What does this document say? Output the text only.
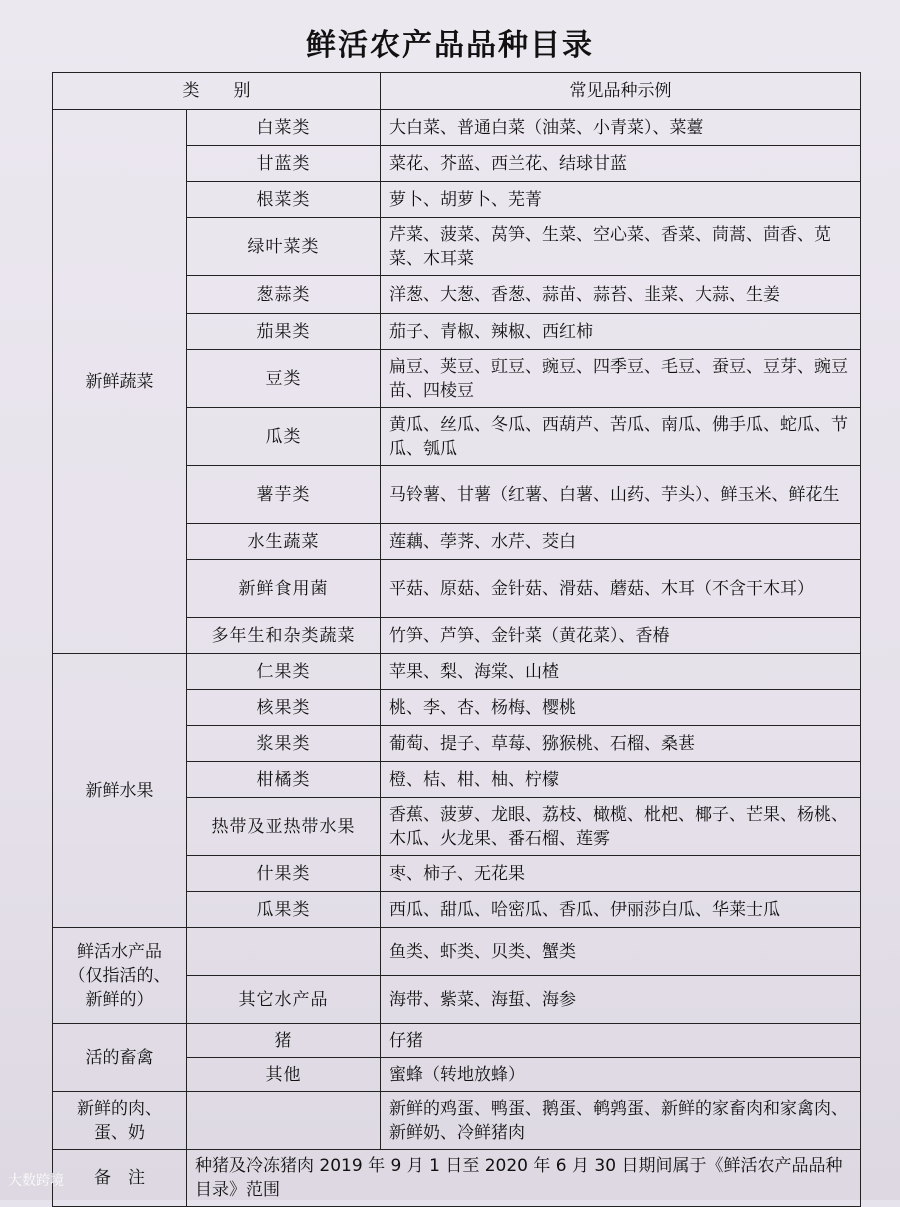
鲜活农产品品种目录
类　　别		常见品种示例
新鲜蔬菜	白菜类	大白菜、普通白菜（油菜、小青菜）、菜薹
	甘蓝类	菜花、芥蓝、西兰花、结球甘蓝
	根菜类	萝卜、胡萝卜、芜菁
	绿叶菜类	芹菜、菠菜、莴笋、生菜、空心菜、香菜、茼蒿、茴香、苋菜、木耳菜
	葱蒜类	洋葱、大葱、香葱、蒜苗、蒜苔、韭菜、大蒜、生姜
	茄果类	茄子、青椒、辣椒、西红柿
	豆类	扁豆、荚豆、豇豆、豌豆、四季豆、毛豆、蚕豆、豆芽、豌豆苗、四棱豆
	瓜类	黄瓜、丝瓜、冬瓜、西葫芦、苦瓜、南瓜、佛手瓜、蛇瓜、节瓜、瓠瓜
	薯芋类	马铃薯、甘薯（红薯、白薯、山药、芋头）、鲜玉米、鲜花生
	水生蔬菜	莲藕、荸荠、水芹、茭白
	新鲜食用菌	平菇、原菇、金针菇、滑菇、蘑菇、木耳（不含干木耳）
	多年生和杂类蔬菜	竹笋、芦笋、金针菜（黄花菜）、香椿
新鲜水果	仁果类	苹果、梨、海棠、山楂
	核果类	桃、李、杏、杨梅、樱桃
	浆果类	葡萄、提子、草莓、猕猴桃、石榴、桑葚
	柑橘类	橙、桔、柑、柚、柠檬
	热带及亚热带水果	香蕉、菠萝、龙眼、荔枝、橄榄、枇杷、椰子、芒果、杨桃、木瓜、火龙果、番石榴、莲雾
	什果类	枣、柿子、无花果
	瓜果类	西瓜、甜瓜、哈密瓜、香瓜、伊丽莎白瓜、华莱士瓜
鲜活水产品（仅指活的、新鲜的）		鱼类、虾类、贝类、蟹类
	其它水产品	海带、紫菜、海蜇、海参
活的畜禽	猪	仔猪
	其他	蜜蜂（转地放蜂）
新鲜的肉、蛋、奶		新鲜的鸡蛋、鸭蛋、鹅蛋、鹌鹑蛋、新鲜的家畜肉和家禽肉、新鲜奶、冷鲜猪肉
备　注	种猪及冷冻猪肉 2019 年 9 月 1 日至 2020 年 6 月 30 日期间属于《鲜活农产品品种目录》范围	
大数跨境
